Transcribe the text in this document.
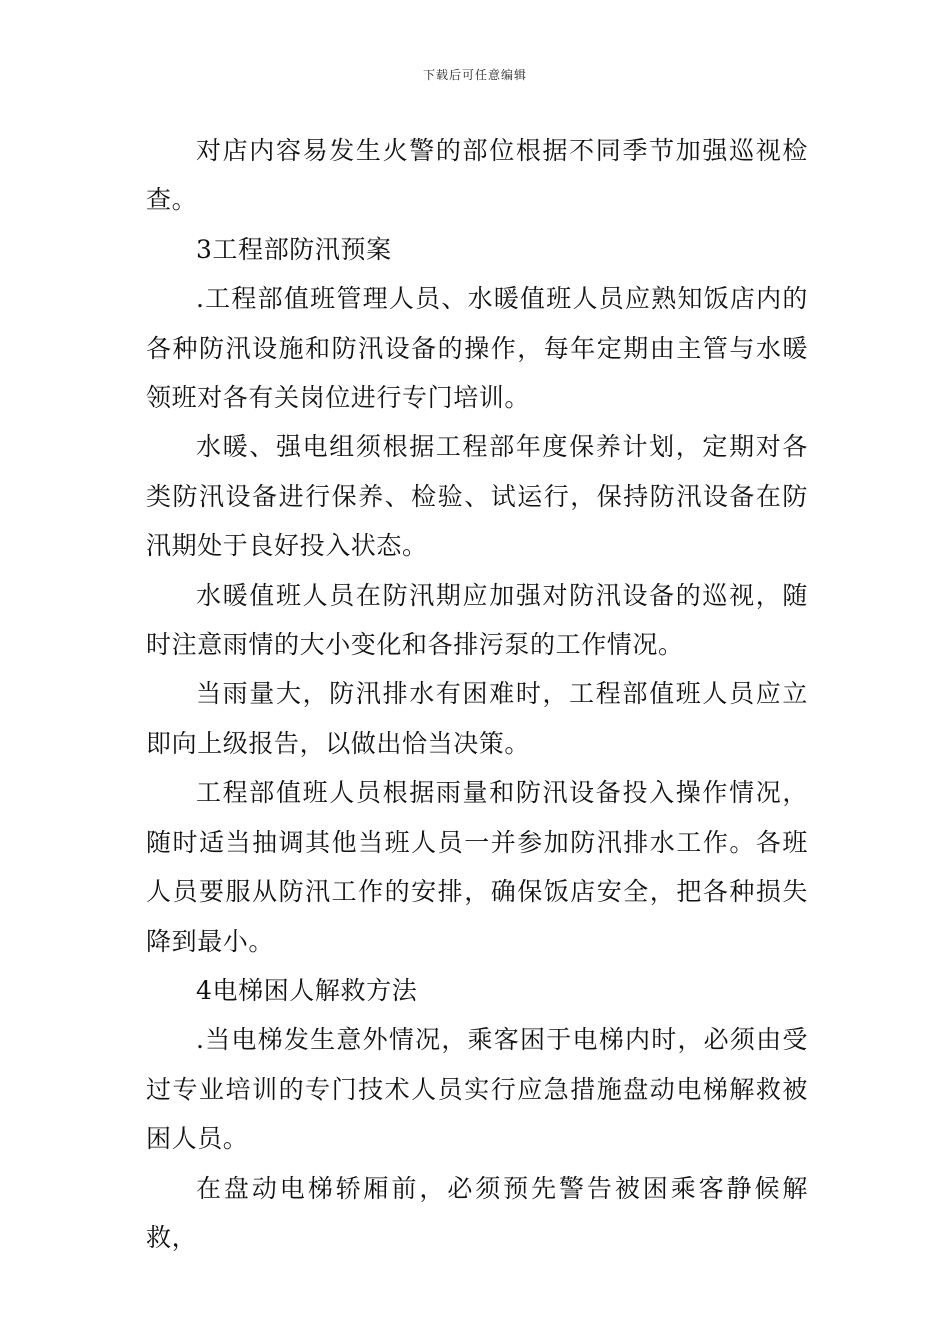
下载后可任意编辑

对店内容易发生火警的部位根据不同季节加强巡视检查。

3工程部防汛预案

.工程部值班管理人员、水暖值班人员应熟知饭店内的各种防汛设施和防汛设备的操作，每年定期由主管与水暖领班对各有关岗位进行专门培训。

水暖、强电组须根据工程部年度保养计划，定期对各类防汛设备进行保养、检验、试运行，保持防汛设备在防汛期处于良好投入状态。

水暖值班人员在防汛期应加强对防汛设备的巡视，随时注意雨情的大小变化和各排污泵的工作情况。

当雨量大，防汛排水有困难时，工程部值班人员应立即向上级报告，以做出恰当决策。

工程部值班人员根据雨量和防汛设备投入操作情况，随时适当抽调其他当班人员一并参加防汛排水工作。各班人员要服从防汛工作的安排，确保饭店安全，把各种损失降到最小。

4电梯困人解救方法

.当电梯发生意外情况，乘客困于电梯内时，必须由受过专业培训的专门技术人员实行应急措施盘动电梯解救被困人员。

在盘动电梯轿厢前，必须预先警告被困乘客静候解救，
